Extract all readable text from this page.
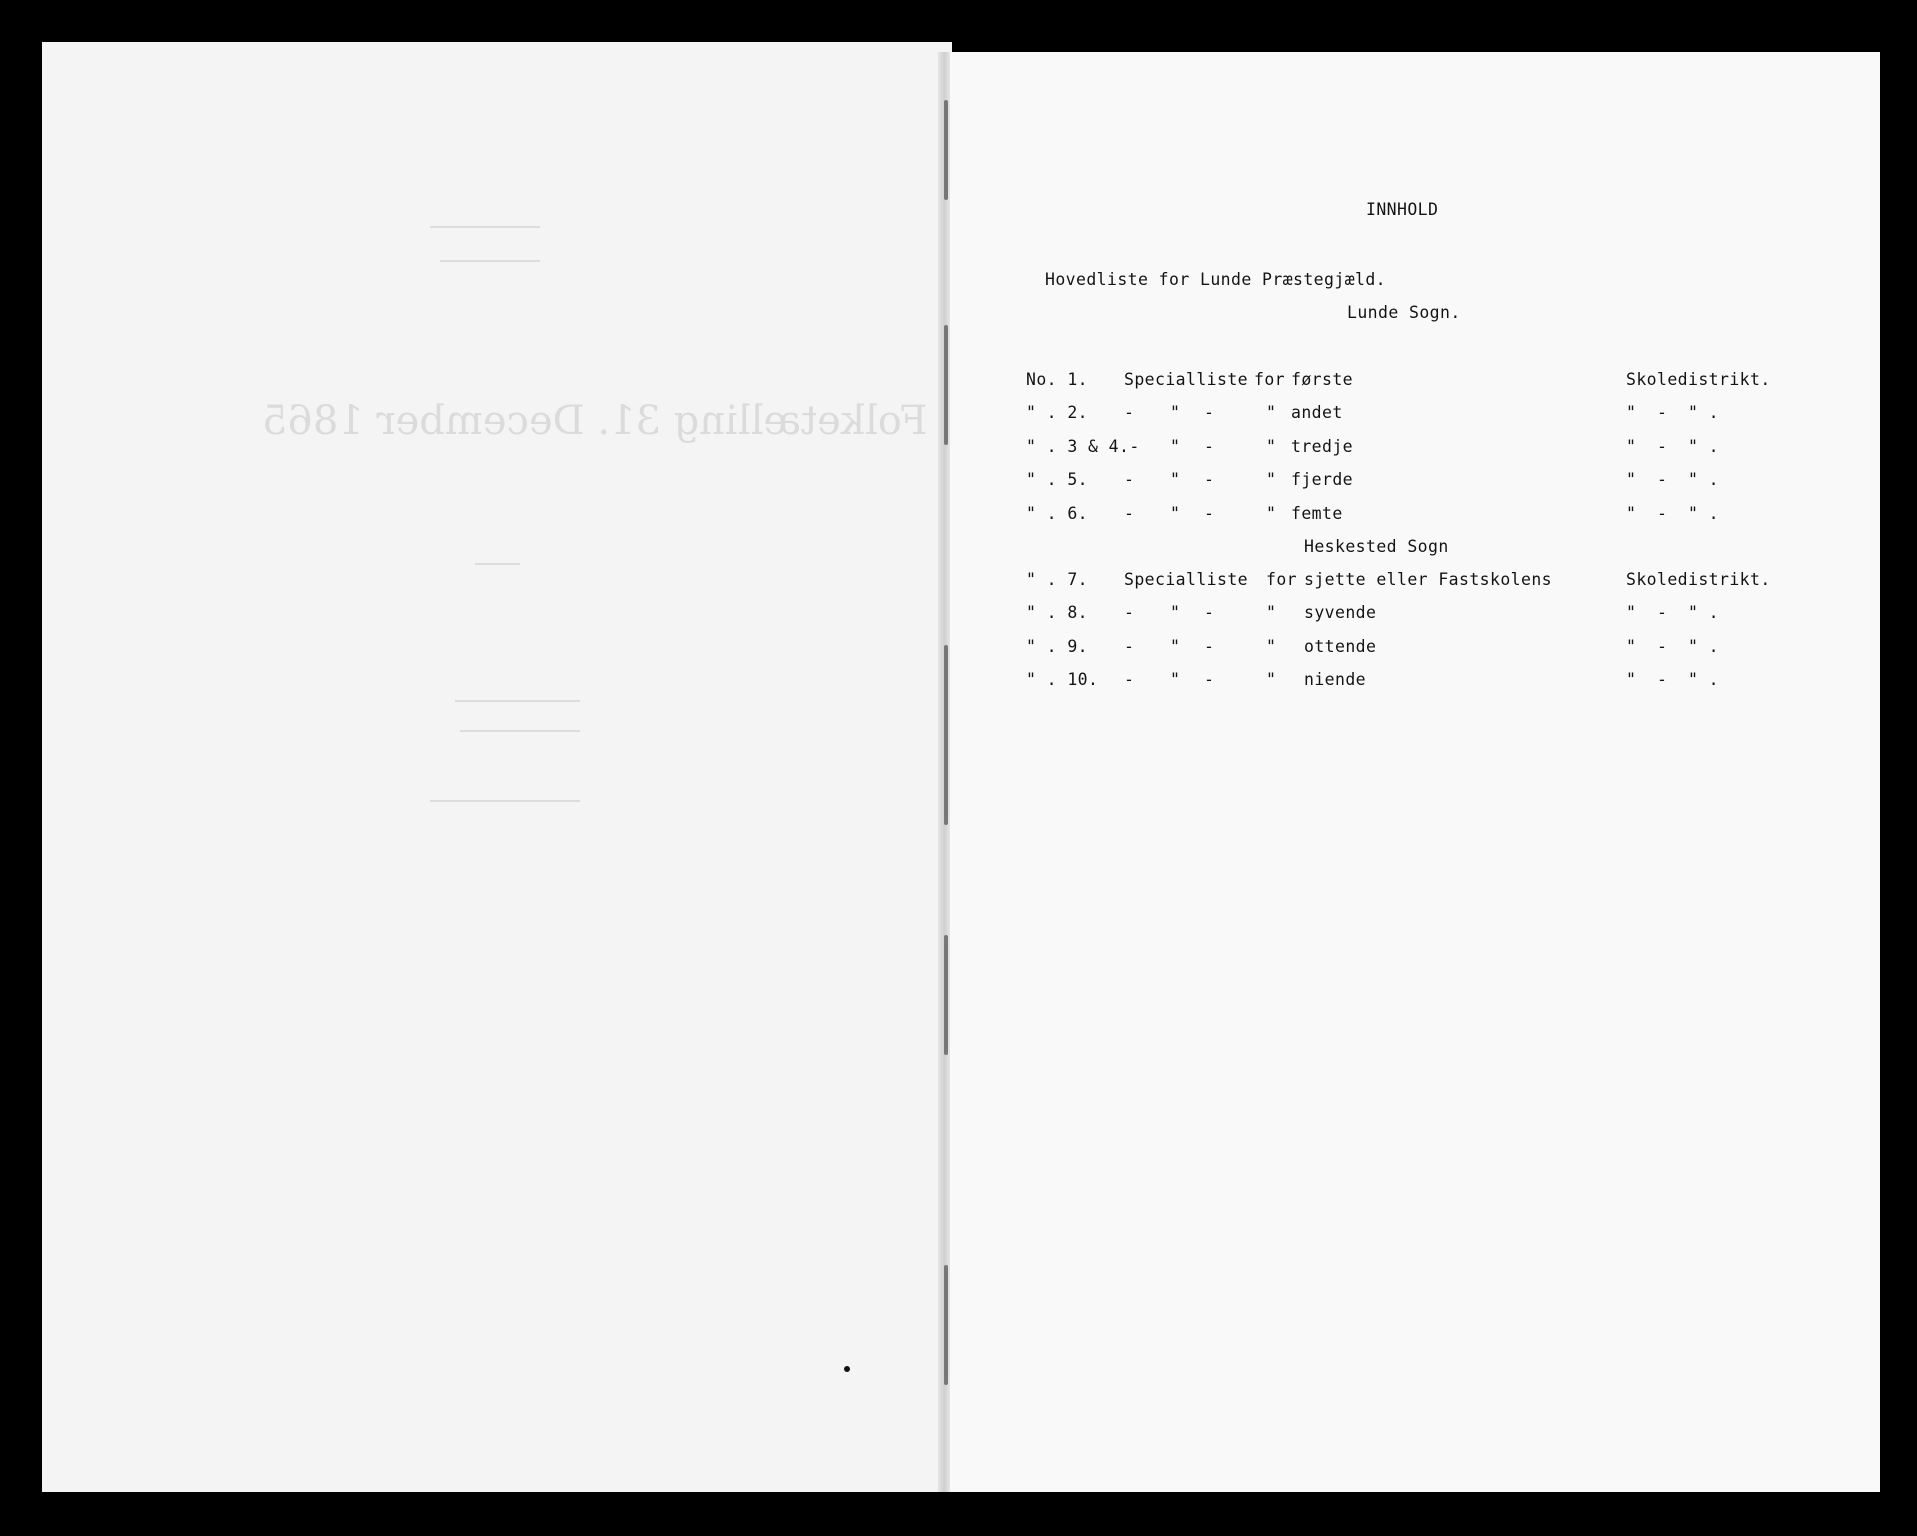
Folketælling 31. December 1865
INNHOLD
Hovedliste for Lunde Præstegjæld.
Lunde Sogn.
Heskested Sogn
No. 1. Specialliste for første	Skoledistrikt.
" . 2. - " -	" andet	"  -  " .
" . 3 & 4.- " -	" tredje	"  -  " .
" . 5. - " -	" fjerde	"  -  " .
" . 6. - " -	" femte	"  -  " .
" . 7. Specialliste for sjette eller Fastskolens	Skoledistrikt.
" . 8. - " -	" syvende	"  -  " .
" . 9. - " -	" ottende	"  -  " .
" . 10. - " -	" niende	"  -  " .
